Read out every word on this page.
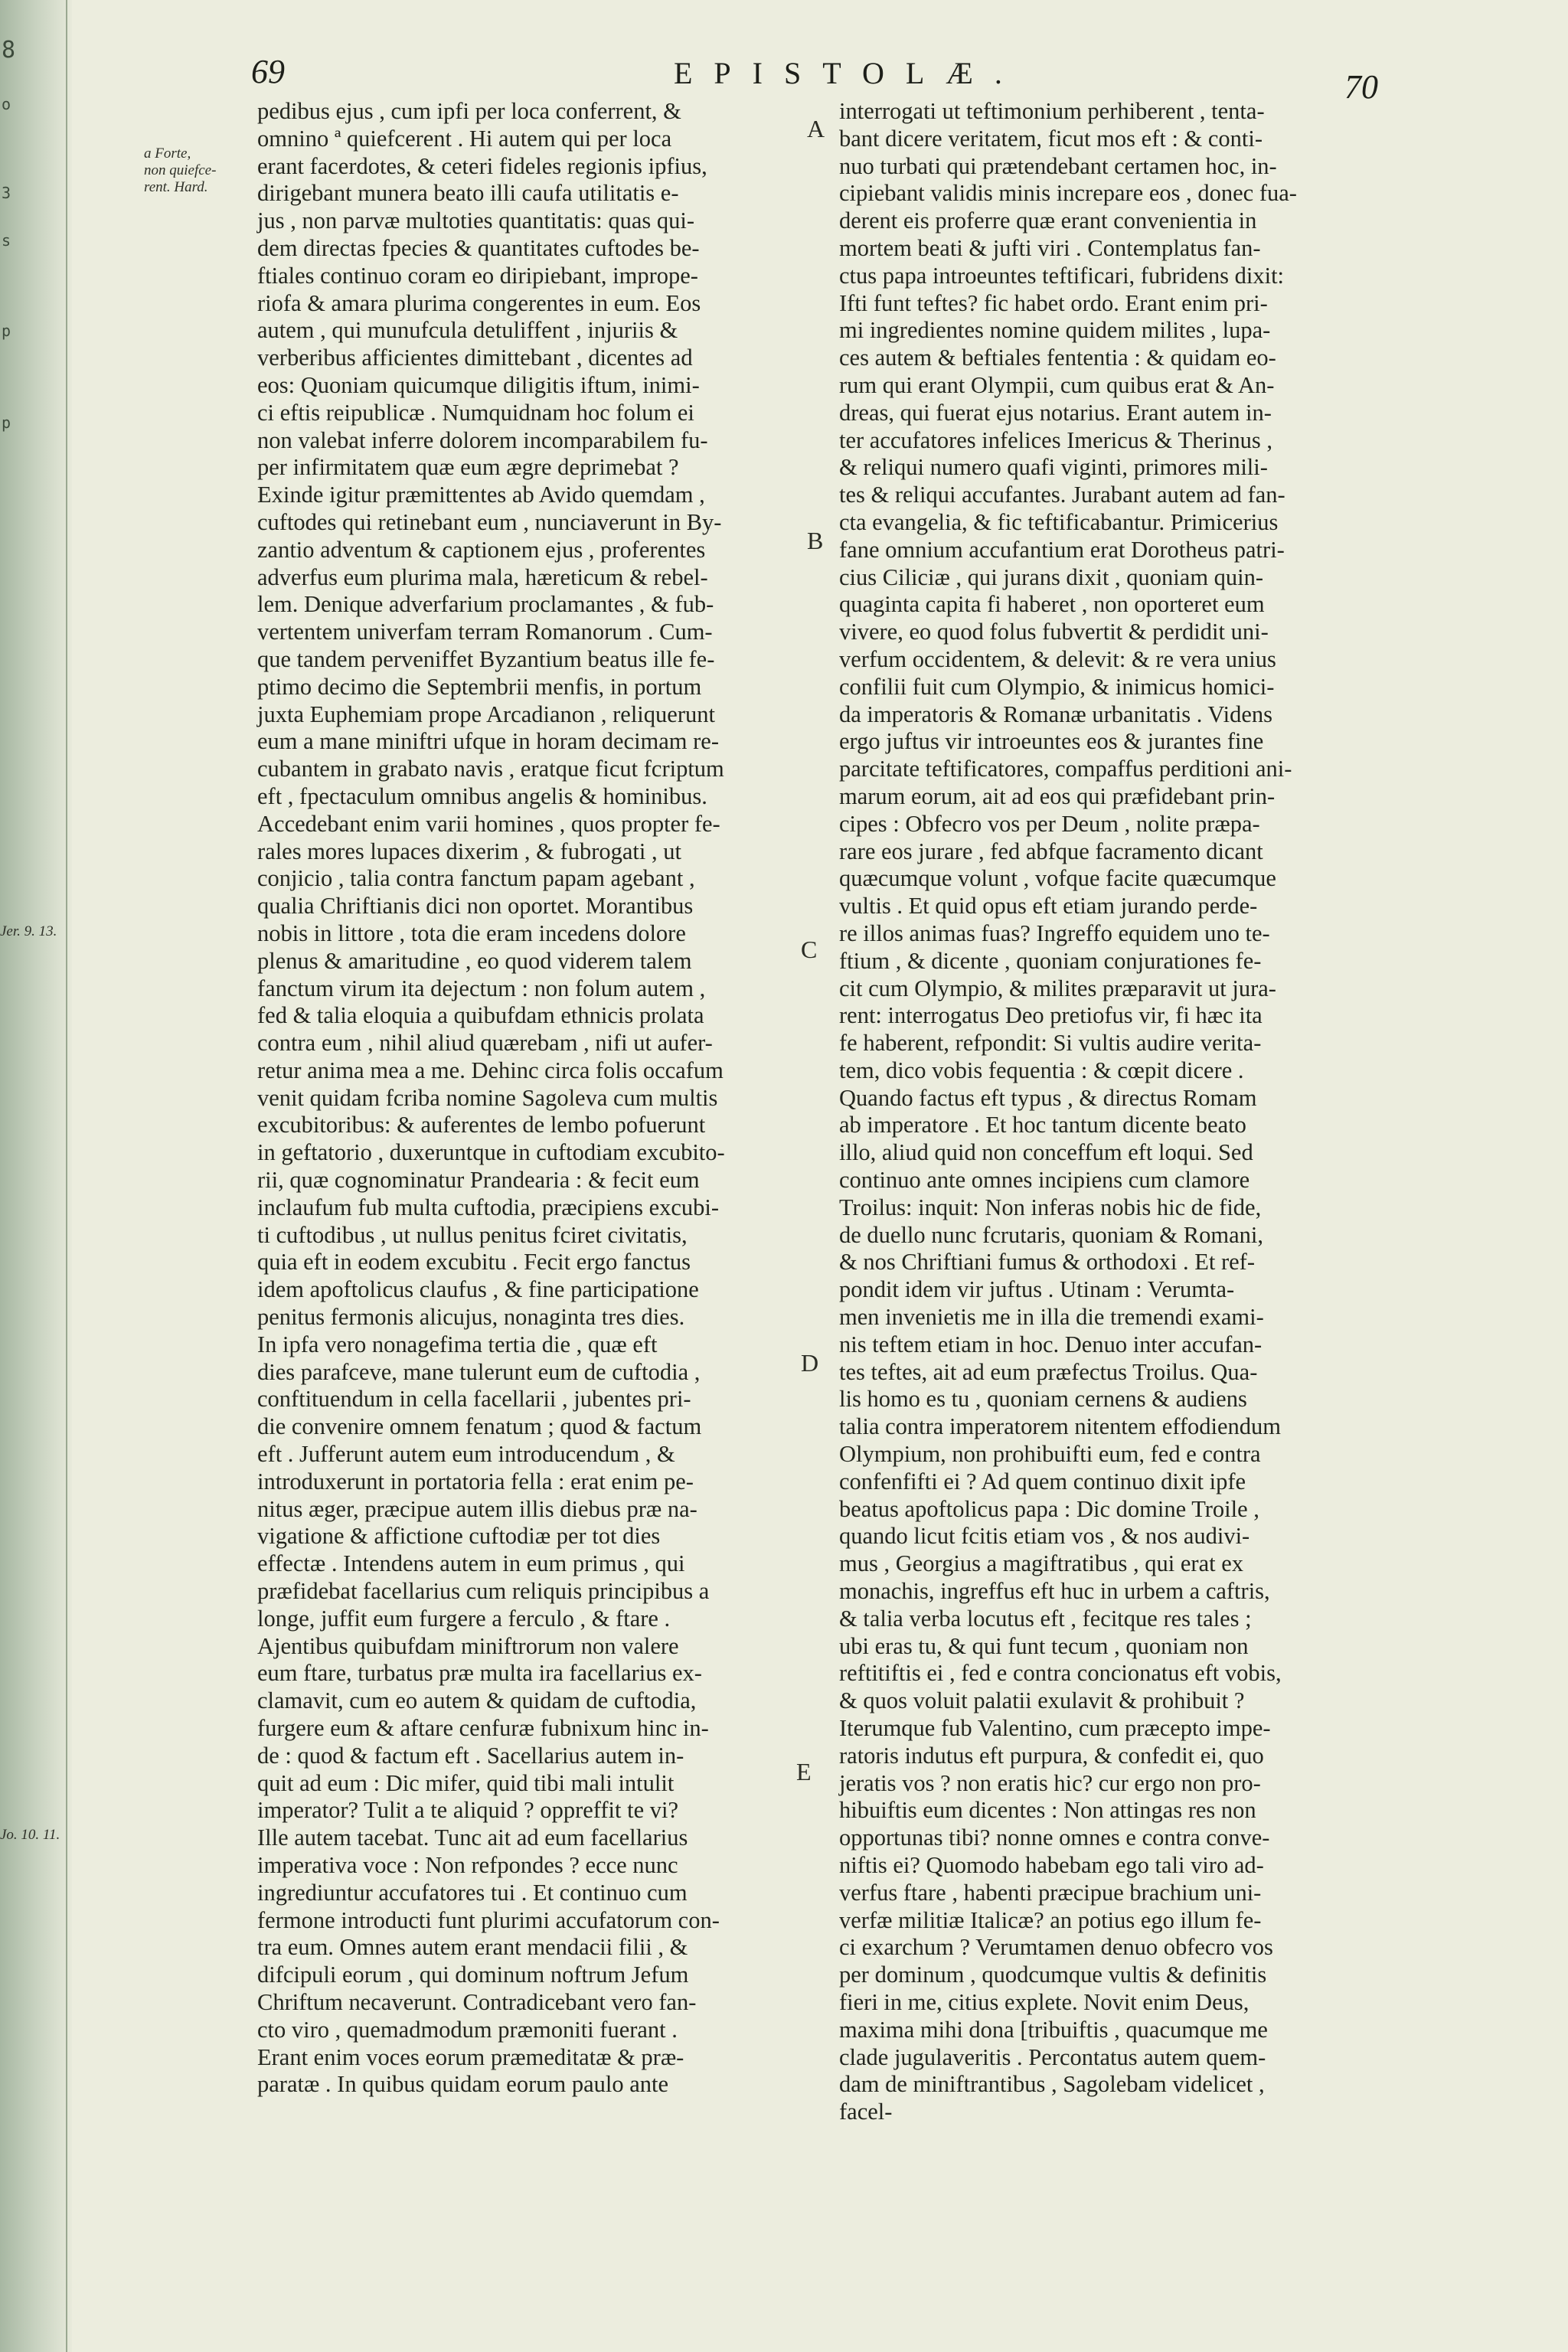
8
o
3
s
p
p
69	EPISTOLÆ.	70
a Forte,
non quiefce-
rent. Hard.
Jer. 9. 13.
Jo. 10. 11.
A
B
C
D
E
pedibus ejus , cum ipfi per loca conferrent, &
omnino ª quiefcerent . Hi autem qui per loca
erant facerdotes, & ceteri fideles regionis ipfius,
dirigebant munera beato illi caufa utilitatis e-
jus , non parvæ multoties quantitatis: quas qui-
dem directas fpecies & quantitates cuftodes be-
ftiales continuo coram eo diripiebant, imprope-
riofa & amara plurima congerentes in eum. Eos
autem , qui munufcula detuliffent , injuriis &
verberibus afficientes dimittebant , dicentes ad
eos: Quoniam quicumque diligitis iftum, inimi-
ci eftis reipublicæ . Numquidnam hoc folum ei
non valebat inferre dolorem incomparabilem fu-
per infirmitatem quæ eum ægre deprimebat ?
Exinde igitur præmittentes ab Avido quemdam ,
cuftodes qui retinebant eum , nunciaverunt in By-
zantio adventum & captionem ejus , proferentes
adverfus eum plurima mala, hæreticum & rebel-
lem. Denique adverfarium proclamantes , & fub-
vertentem univerfam terram Romanorum . Cum-
que tandem perveniffet Byzantium beatus ille fe-
ptimo decimo die Septembrii menfis, in portum
juxta Euphemiam prope Arcadianon , reliquerunt
eum a mane miniftri ufque in horam decimam re-
cubantem in grabato navis , eratque ficut fcriptum
eft , fpectaculum omnibus angelis & hominibus.
Accedebant enim varii homines , quos propter fe-
rales mores lupaces dixerim , & fubrogati , ut
conjicio , talia contra fanctum papam agebant ,
qualia Chriftianis dici non oportet. Morantibus
nobis in littore , tota die eram incedens dolore
plenus & amaritudine , eo quod viderem talem
fanctum virum ita dejectum : non folum autem ,
fed & talia eloquia a quibufdam ethnicis prolata
contra eum , nihil aliud quærebam , nifi ut aufer-
retur anima mea a me. Dehinc circa folis occafum
venit quidam fcriba nomine Sagoleva cum multis
excubitoribus: & auferentes de lembo pofuerunt
in geftatorio , duxeruntque in cuftodiam excubito-
rii, quæ cognominatur Prandearia : & fecit eum
inclaufum fub multa cuftodia, præcipiens excubi-
ti cuftodibus , ut nullus penitus fciret civitatis,
quia eft in eodem excubitu . Fecit ergo fanctus
idem apoftolicus claufus , & fine participatione
penitus fermonis alicujus, nonaginta tres dies.
In ipfa vero nonagefima tertia die , quæ eft
dies parafceve, mane tulerunt eum de cuftodia ,
conftituendum in cella facellarii , jubentes pri-
die convenire omnem fenatum ; quod & factum
eft . Jufferunt autem eum introducendum , &
introduxerunt in portatoria fella : erat enim pe-
nitus æger, præcipue autem illis diebus præ na-
vigatione & affictione cuftodiæ per tot dies
effectæ . Intendens autem in eum primus , qui
præfidebat facellarius cum reliquis principibus a
longe, juffit eum furgere a ferculo , & ftare .
Ajentibus quibufdam miniftrorum non valere
eum ftare, turbatus præ multa ira facellarius ex-
clamavit, cum eo autem & quidam de cuftodia,
furgere eum & aftare cenfuræ fubnixum hinc in-
de : quod & factum eft . Sacellarius autem in-
quit ad eum : Dic mifer, quid tibi mali intulit
imperator? Tulit a te aliquid ? oppreffit te vi?
Ille autem tacebat. Tunc ait ad eum facellarius
imperativa voce : Non refpondes ? ecce nunc
ingrediuntur accufatores tui . Et continuo cum
fermone introducti funt plurimi accufatorum con-
tra eum. Omnes autem erant mendacii filii , &
difcipuli eorum , qui dominum noftrum Jefum
Chriftum necaverunt. Contradicebant vero fan-
cto viro , quemadmodum præmoniti fuerant .
Erant enim voces eorum præmeditatæ & præ-
paratæ . In quibus quidam eorum paulo ante
interrogati ut teftimonium perhiberent , tenta-
bant dicere veritatem, ficut mos eft : & conti-
nuo turbati qui prætendebant certamen hoc, in-
cipiebant validis minis increpare eos , donec fua-
derent eis proferre quæ erant convenientia in
mortem beati & jufti viri . Contemplatus fan-
ctus papa introeuntes teftificari, fubridens dixit:
Ifti funt teftes? fic habet ordo. Erant enim pri-
mi ingredientes nomine quidem milites , lupa-
ces autem & beftiales fententia : & quidam eo-
rum qui erant Olympii, cum quibus erat & An-
dreas, qui fuerat ejus notarius. Erant autem in-
ter accufatores infelices Imericus & Therinus ,
& reliqui numero quafi viginti, primores mili-
tes & reliqui accufantes. Jurabant autem ad fan-
cta evangelia, & fic teftificabantur. Primicerius
fane omnium accufantium erat Dorotheus patri-
cius Ciliciæ , qui jurans dixit , quoniam quin-
quaginta capita fi haberet , non oporteret eum
vivere, eo quod folus fubvertit & perdidit uni-
verfum occidentem, & delevit: & re vera unius
confilii fuit cum Olympio, & inimicus homici-
da imperatoris & Romanæ urbanitatis . Videns
ergo juftus vir introeuntes eos & jurantes fine
parcitate teftificatores, compaffus perditioni ani-
marum eorum, ait ad eos qui præfidebant prin-
cipes : Obfecro vos per Deum , nolite præpa-
rare eos jurare , fed abfque facramento dicant
quæcumque volunt , vofque facite quæcumque
vultis . Et quid opus eft etiam jurando perde-
re illos animas fuas? Ingreffo equidem uno te-
ftium , & dicente , quoniam conjurationes fe-
cit cum Olympio, & milites præparavit ut jura-
rent: interrogatus Deo pretiofus vir, fi hæc ita
fe haberent, refpondit: Si vultis audire verita-
tem, dico vobis fequentia : & cœpit dicere .
Quando factus eft typus , & directus Romam
ab imperatore . Et hoc tantum dicente beato
illo, aliud quid non conceffum eft loqui. Sed
continuo ante omnes incipiens cum clamore
Troilus: inquit: Non inferas nobis hic de fide,
de duello nunc fcrutaris, quoniam & Romani,
& nos Chriftiani fumus & orthodoxi . Et ref-
pondit idem vir juftus . Utinam : Verumta-
men invenietis me in illa die tremendi exami-
nis teftem etiam in hoc. Denuo inter accufan-
tes teftes, ait ad eum præfectus Troilus. Qua-
lis homo es tu , quoniam cernens & audiens
talia contra imperatorem nitentem effodiendum
Olympium, non prohibuifti eum, fed e contra
confenfifti ei ? Ad quem continuo dixit ipfe
beatus apoftolicus papa : Dic domine Troile ,
quando licut fcitis etiam vos , & nos audivi-
mus , Georgius a magiftratibus , qui erat ex
monachis, ingreffus eft huc in urbem a caftris,
& talia verba locutus eft , fecitque res tales ;
ubi eras tu, & qui funt tecum , quoniam non
reftitiftis ei , fed e contra concionatus eft vobis,
& quos voluit palatii exulavit & prohibuit ?
Iterumque fub Valentino, cum præcepto impe-
ratoris indutus eft purpura, & confedit ei, quo
jeratis vos ? non eratis hic? cur ergo non pro-
hibuiftis eum dicentes : Non attingas res non
opportunas tibi? nonne omnes e contra conve-
niftis ei? Quomodo habebam ego tali viro ad-
verfus ftare , habenti præcipue brachium uni-
verfæ militiæ Italicæ? an potius ego illum fe-
ci exarchum ? Verumtamen denuo obfecro vos
per dominum , quodcumque vultis & definitis
fieri in me, citius explete. Novit enim Deus,
maxima mihi dona [tribuiftis , quacumque me
clade jugulaveritis . Percontatus autem quem-
dam de miniftrantibus , Sagolebam videlicet ,
facel-
